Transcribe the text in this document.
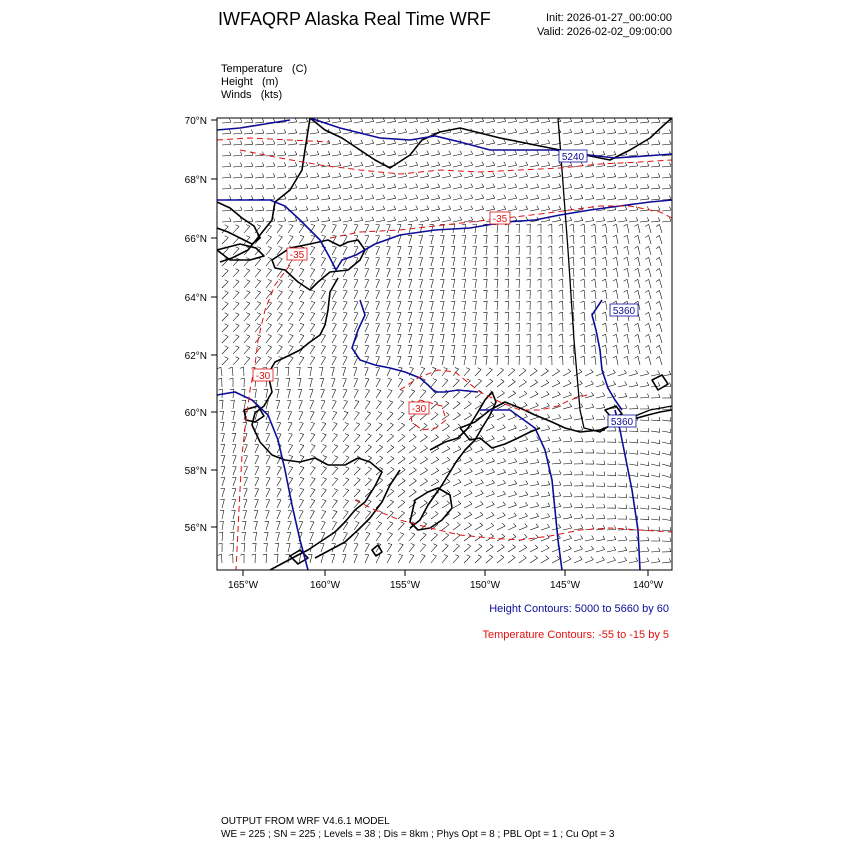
IWFAQRP Alaska Real Time WRF	Init: 2026-01-27_00:00:00
Valid: 2026-02-02_09:00:00
Temperature   (C)
Height   (m)
Winds   (kts)
5240
5360
5360
-35
-35
-30
-30
70°N
68°N
66°N
64°N
62°N
60°N
58°N
56°N
165°W	160°W	155°W	150°W	145°W	140°W
Height Contours: 5000 to 5660 by 60
Temperature Contours: -55 to -15 by 5
OUTPUT FROM WRF V4.6.1 MODEL
WE = 225 ; SN = 225 ; Levels = 38 ; Dis = 8km ; Phys Opt = 8 ; PBL Opt = 1 ; Cu Opt = 3
